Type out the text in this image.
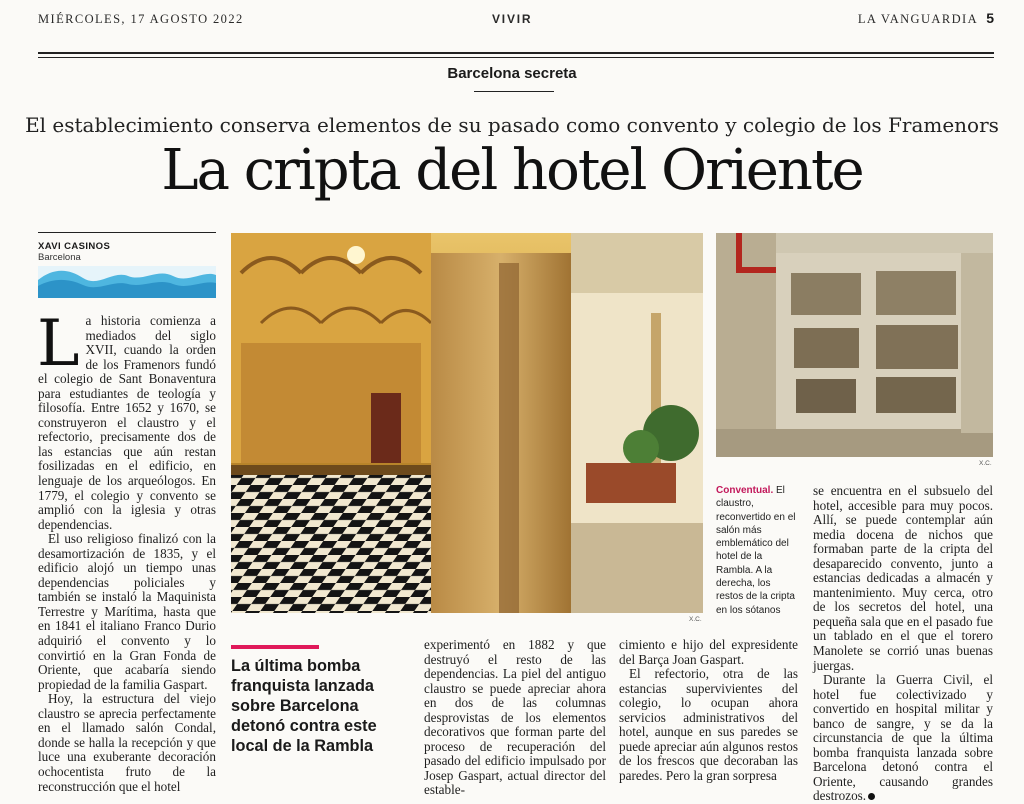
MIÉRCOLES, 17 AGOSTO 2022	VIVIR	LA VANGUARDIA 5
Barcelona secreta
El establecimiento conserva elementos de su pasado como convento y colegio de los Framenors
La cripta del hotel Oriente
XAVI CASINOS
Barcelona

La historia comienza a mediados del siglo XVII, cuando la orden de los Framenors fundó el colegio de Sant Bonaventura para estudiantes de teología y filosofía. Entre 1652 y 1670, se construyeron el claustro y el refectorio, precisamente dos de las estancias que aún restan fosilizadas en el edificio, en lenguaje de los arqueólogos. En 1779, el colegio y convento se amplió con la iglesia y otras dependencias.

El uso religioso finalizó con la desamortización de 1835, y el edificio alojó un tiempo unas dependencias policiales y también se instaló la Maquinista Terrestre y Marítima, hasta que en 1841 el italiano Franco Durio adquirió el convento y lo convirtió en la Gran Fonda de Oriente, que acabaría siendo propiedad de la familia Gaspart.

Hoy, la estructura del viejo claustro se aprecia perfectamente en el llamado salón Condal, donde se halla la recepción y que luce una exuberante decoración ochocentista fruto de la reconstrucción que el hotel

X.C.
X.C.
Conventual. El claustro, reconvertido en el salón más emblemático del hotel de la Rambla. A la derecha, los restos de la cripta en los sótanos
La última bomba franquista lanzada sobre Barcelona detonó contra este local de la Rambla

experimentó en 1882 y que destruyó el resto de las dependencias. La piel del antiguo claustro se puede apreciar ahora en dos de las columnas desprovistas de los elementos decorativos que forman parte del proceso de recuperación del pasado del edificio impulsado por Josep Gaspart, actual director del estable-

cimiento e hijo del expresidente del Barça Joan Gaspart.

El refectorio, otra de las estancias supervivientes del colegio, lo ocupan ahora servicios administrativos del hotel, aunque en sus paredes se puede apreciar aún algunos restos de los frescos que decoraban las paredes. Pero la gran sorpresa

se encuentra en el subsuelo del hotel, accesible para muy pocos. Allí, se puede contemplar aún media docena de nichos que formaban parte de la cripta del desaparecido convento, junto a estancias dedicadas a almacén y mantenimiento. Muy cerca, otro de los secretos del hotel, una pequeña sala que en el pasado fue un tablado en el que el torero Manolete se corrió unas buenas juergas.

Durante la Guerra Civil, el hotel fue colectivizado y convertido en hospital militar y banco de sangre, y se da la circunstancia de que la última bomba franquista lanzada sobre Barcelona detonó contra el Oriente, causando grandes destrozos.
